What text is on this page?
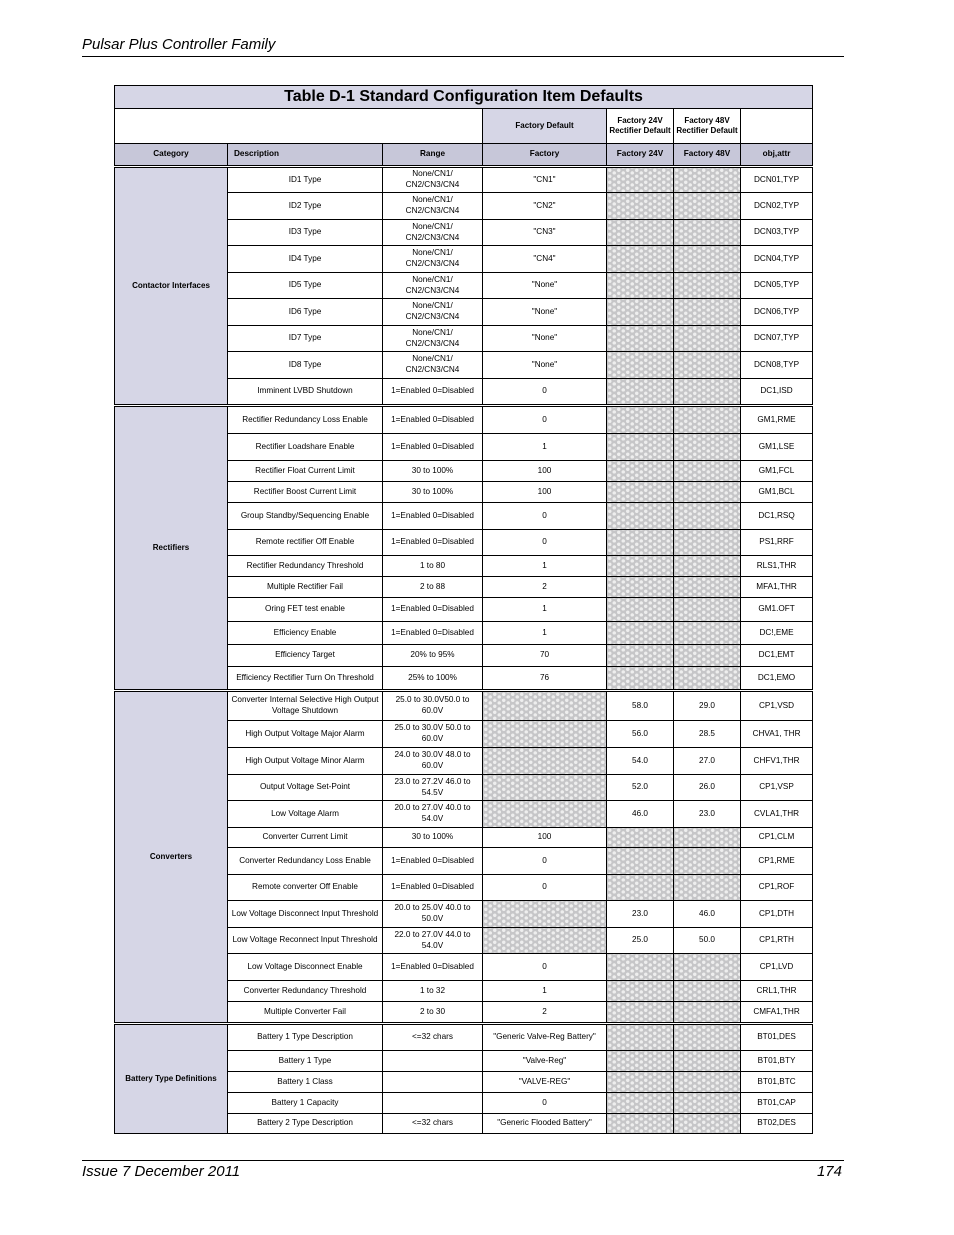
Pulsar Plus Controller Family
Table D-1 Standard Configuration Item Defaults						
			Factory Default	Factory 24V Rectifier Default	Factory 48V Rectifier Default	
Category	Description	Range	Factory	Factory 24V	Factory 48V	obj,attr
Contactor Interfaces	ID1 Type	None/CN1/ CN2/CN3/CN4	"CN1"			DCN01,TYP
	ID2 Type	None/CN1/ CN2/CN3/CN4	"CN2"			DCN02,TYP
	ID3 Type	None/CN1/ CN2/CN3/CN4	"CN3"			DCN03,TYP
	ID4 Type	None/CN1/ CN2/CN3/CN4	"CN4"			DCN04,TYP
	ID5 Type	None/CN1/ CN2/CN3/CN4	"None"			DCN05,TYP
	ID6 Type	None/CN1/ CN2/CN3/CN4	"None"			DCN06,TYP
	ID7 Type	None/CN1/ CN2/CN3/CN4	"None"			DCN07,TYP
	ID8 Type	None/CN1/ CN2/CN3/CN4	"None"			DCN08,TYP
	Imminent LVBD Shutdown	1=Enabled 0=Disabled	0			DC1,ISD
Rectifiers	Rectifier Redundancy Loss Enable	1=Enabled 0=Disabled	0			GM1,RME
	Rectifier Loadshare Enable	1=Enabled 0=Disabled	1			GM1,LSE
	Rectifier Float Current Limit	30 to 100%	100			GM1,FCL
	Rectifier Boost Current Limit	30 to 100%	100			GM1,BCL
	Group Standby/Sequencing Enable	1=Enabled 0=Disabled	0			DC1,RSQ
	Remote rectifier Off Enable	1=Enabled 0=Disabled	0			PS1,RRF
	Rectifier Redundancy Threshold	1 to 80	1			RLS1,THR
	Multiple Rectifier Fail	2 to 88	2			MFA1,THR
	Oring FET test enable	1=Enabled 0=Disabled	1			GM1.OFT
	Efficiency Enable	1=Enabled 0=Disabled	1			DC!,EME
	Efficiency Target	20% to 95%	70			DC1,EMT
	Efficiency Rectifier Turn On Threshold	25% to 100%	76			DC1,EMO
Converters	Converter Internal Selective High Output Voltage Shutdown	25.0 to 30.0V50.0 to 60.0V		58.0	29.0	CP1,VSD
	High Output Voltage Major Alarm	25.0 to 30.0V 50.0 to 60.0V		56.0	28.5	CHVA1, THR
	High Output Voltage Minor Alarm	24.0 to 30.0V 48.0 to 60.0V		54.0	27.0	CHFV1,THR
	Output Voltage Set-Point	23.0 to 27.2V 46.0 to 54.5V		52.0	26.0	CP1,VSP
	Low Voltage Alarm	20.0 to 27.0V 40.0 to 54.0V		46.0	23.0	CVLA1,THR
	Converter Current Limit	30 to 100%	100			CP1,CLM
	Converter Redundancy Loss Enable	1=Enabled 0=Disabled	0			CP1,RME
	Remote converter Off Enable	1=Enabled 0=Disabled	0			CP1,ROF
	Low Voltage Disconnect Input Threshold	20.0 to 25.0V 40.0 to 50.0V		23.0	46.0	CP1,DTH
	Low Voltage Reconnect Input Threshold	22.0 to 27.0V 44.0 to 54.0V		25.0	50.0	CP1,RTH
	Low Voltage Disconnect Enable	1=Enabled 0=Disabled	0			CP1,LVD
	Converter Redundancy Threshold	1 to 32	1			CRL1,THR
	Multiple Converter Fail	2 to 30	2			CMFA1,THR
Battery Type Definitions	Battery 1 Type Description	<=32 chars	"Generic Valve-Reg Battery"			BT01,DES
	Battery 1 Type		"Valve-Reg"			BT01,BTY
	Battery 1 Class		"VALVE-REG"			BT01,BTC
	Battery 1 Capacity		0			BT01,CAP
	Battery 2 Type Description	<=32 chars	"Generic Flooded Battery"			BT02,DES
Issue 7 December 2011	174
